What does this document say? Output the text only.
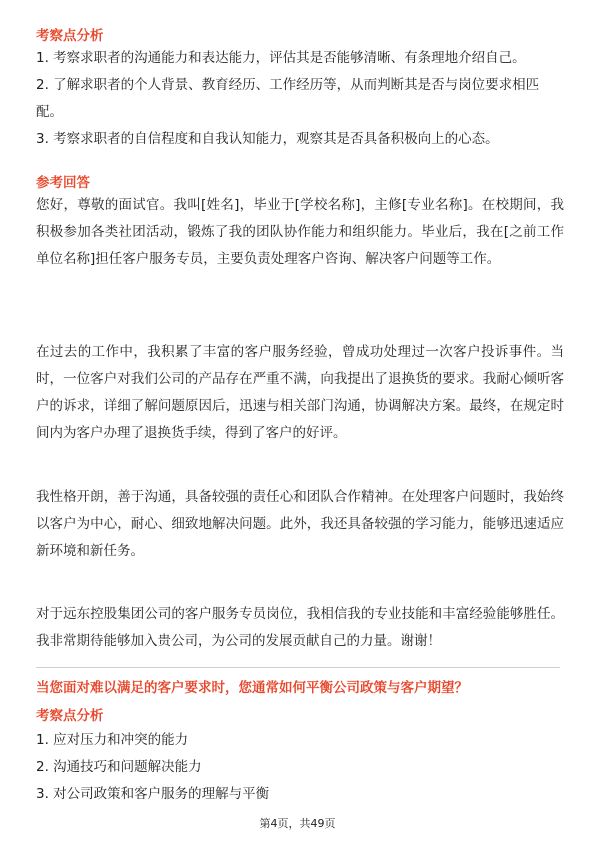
考察点分析

1. 考察求职者的沟通能力和表达能力，评估其是否能够清晰、有条理地介绍自己。

2. 了解求职者的个人背景、教育经历、工作经历等，从而判断其是否与岗位要求相匹配。

3. 考察求职者的自信程度和自我认知能力，观察其是否具备积极向上的心态。

参考回答

您好，尊敬的面试官。我叫[姓名]，毕业于[学校名称]，主修[专业名称]。在校期间，我积极参加各类社团活动，锻炼了我的团队协作能力和组织能力。毕业后，我在[之前工作单位名称]担任客户服务专员，主要负责处理客户咨询、解决客户问题等工作。

在过去的工作中，我积累了丰富的客户服务经验，曾成功处理过一次客户投诉事件。当时，一位客户对我们公司的产品存在严重不满，向我提出了退换货的要求。我耐心倾听客户的诉求，详细了解问题原因后，迅速与相关部门沟通，协调解决方案。最终，在规定时间内为客户办理了退换货手续，得到了客户的好评。

我性格开朗，善于沟通，具备较强的责任心和团队合作精神。在处理客户问题时，我始终以客户为中心，耐心、细致地解决问题。此外，我还具备较强的学习能力，能够迅速适应新环境和新任务。

对于远东控股集团公司的客户服务专员岗位，我相信我的专业技能和丰富经验能够胜任。我非常期待能够加入贵公司，为公司的发展贡献自己的力量。谢谢！

当您面对难以满足的客户要求时，您通常如何平衡公司政策与客户期望？
考察点分析

1. 应对压力和冲突的能力

2. 沟通技巧和问题解决能力

3. 对公司政策和客户服务的理解与平衡

第4页，共49页
